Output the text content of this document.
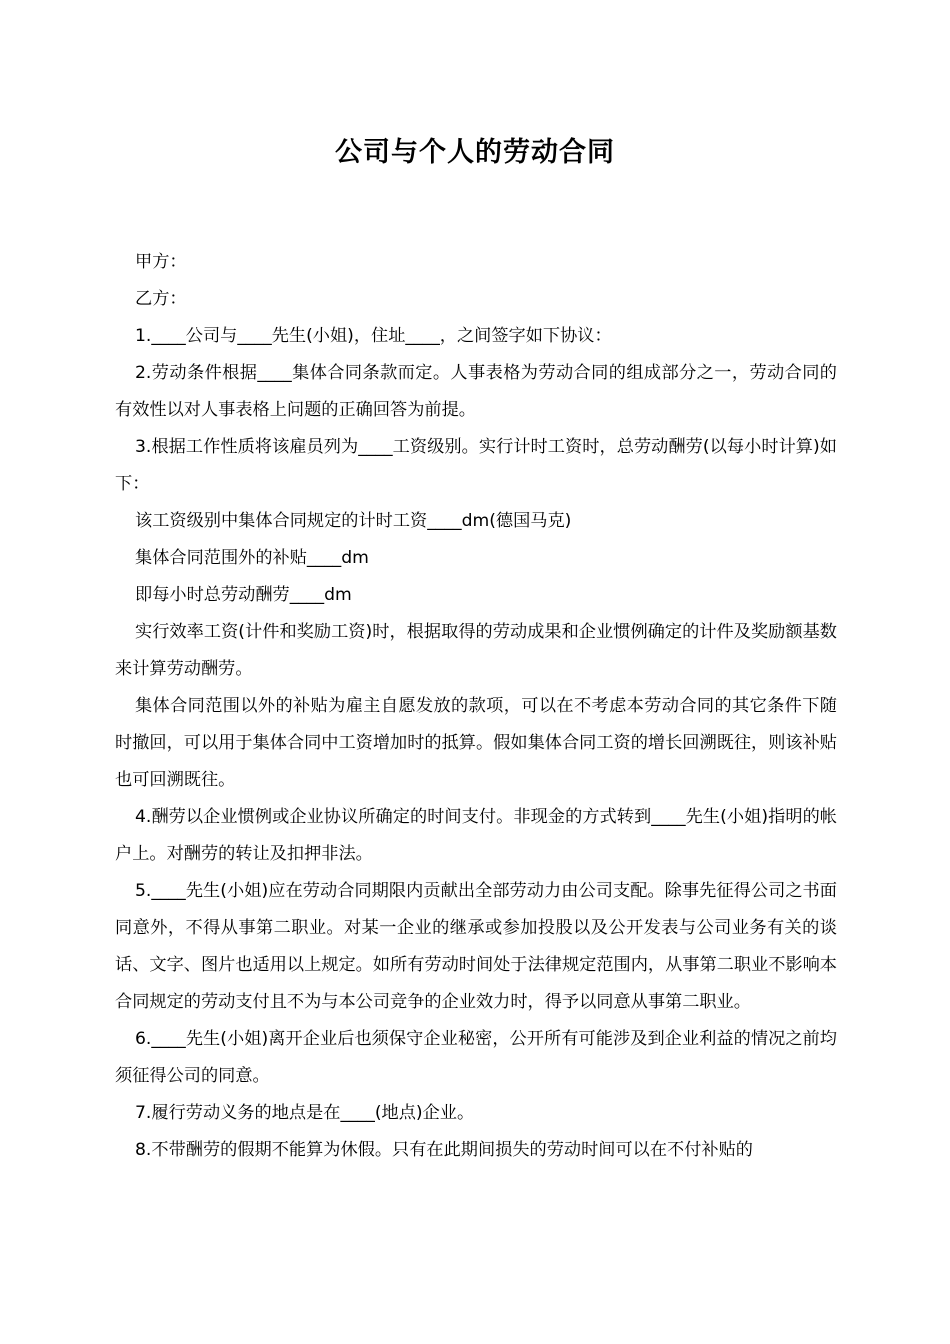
公司与个人的劳动合同

甲方：

乙方：

1.____公司与____先生(小姐)，住址____，之间签字如下协议：

2.劳动条件根据____集体合同条款而定。人事表格为劳动合同的组成部分之一，劳动合同的有效性以对人事表格上问题的正确回答为前提。

3.根据工作性质将该雇员列为____工资级别。实行计时工资时，总劳动酬劳(以每小时计算)如下：

该工资级别中集体合同规定的计时工资____dm(德国马克)

集体合同范围外的补贴____dm

即每小时总劳动酬劳____dm

实行效率工资(计件和奖励工资)时，根据取得的劳动成果和企业惯例确定的计件及奖励额基数来计算劳动酬劳。

集体合同范围以外的补贴为雇主自愿发放的款项，可以在不考虑本劳动合同的其它条件下随时撤回，可以用于集体合同中工资增加时的抵算。假如集体合同工资的增长回溯既往，则该补贴也可回溯既往。

4.酬劳以企业惯例或企业协议所确定的时间支付。非现金的方式转到____先生(小姐)指明的帐户上。对酬劳的转让及扣押非法。

5.____先生(小姐)应在劳动合同期限内贡献出全部劳动力由公司支配。除事先征得公司之书面同意外，不得从事第二职业。对某一企业的继承或参加投股以及公开发表与公司业务有关的谈话、文字、图片也适用以上规定。如所有劳动时间处于法律规定范围内，从事第二职业不影响本合同规定的劳动支付且不为与本公司竞争的企业效力时，得予以同意从事第二职业。

6.____先生(小姐)离开企业后也须保守企业秘密，公开所有可能涉及到企业利益的情况之前均须征得公司的同意。

7.履行劳动义务的地点是在____(地点)企业。

8.不带酬劳的假期不能算为休假。只有在此期间损失的劳动时间可以在不付补贴的
